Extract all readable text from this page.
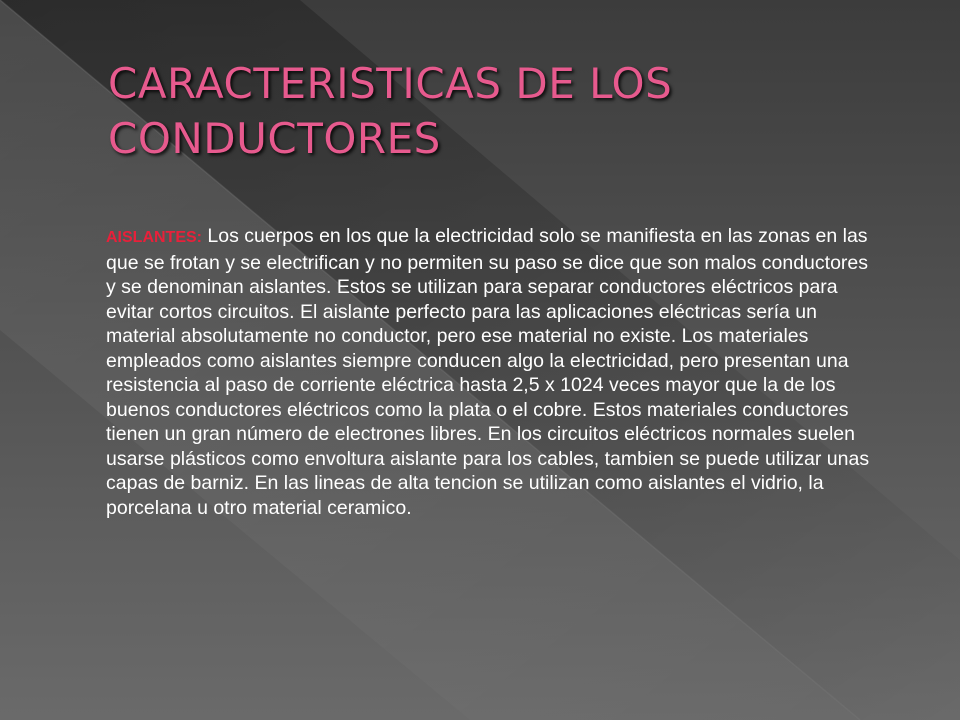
CARACTERISTICAS DE LOS CONDUCTORES

AISLANTES: Los cuerpos en los que la electricidad solo se manifiesta en las zonas en las que se frotan y se electrifican y no permiten su paso se dice que son malos conductores y se denominan aislantes. Estos se utilizan para separar conductores eléctricos para evitar cortos circuitos. El aislante perfecto para las aplicaciones eléctricas sería un material absolutamente no conductor, pero ese material no existe. Los materiales empleados como aislantes siempre conducen algo la electricidad, pero presentan una resistencia al paso de corriente eléctrica hasta 2,5 x 1024 veces mayor que la de los buenos conductores eléctricos como la plata o el cobre. Estos materiales conductores tienen un gran número de electrones libres. En los circuitos eléctricos normales suelen usarse plásticos como envoltura aislante para los cables, tambien se puede utilizar unas capas de barniz. En las lineas de alta tencion se utilizan como aislantes el vidrio, la porcelana u otro material ceramico.
